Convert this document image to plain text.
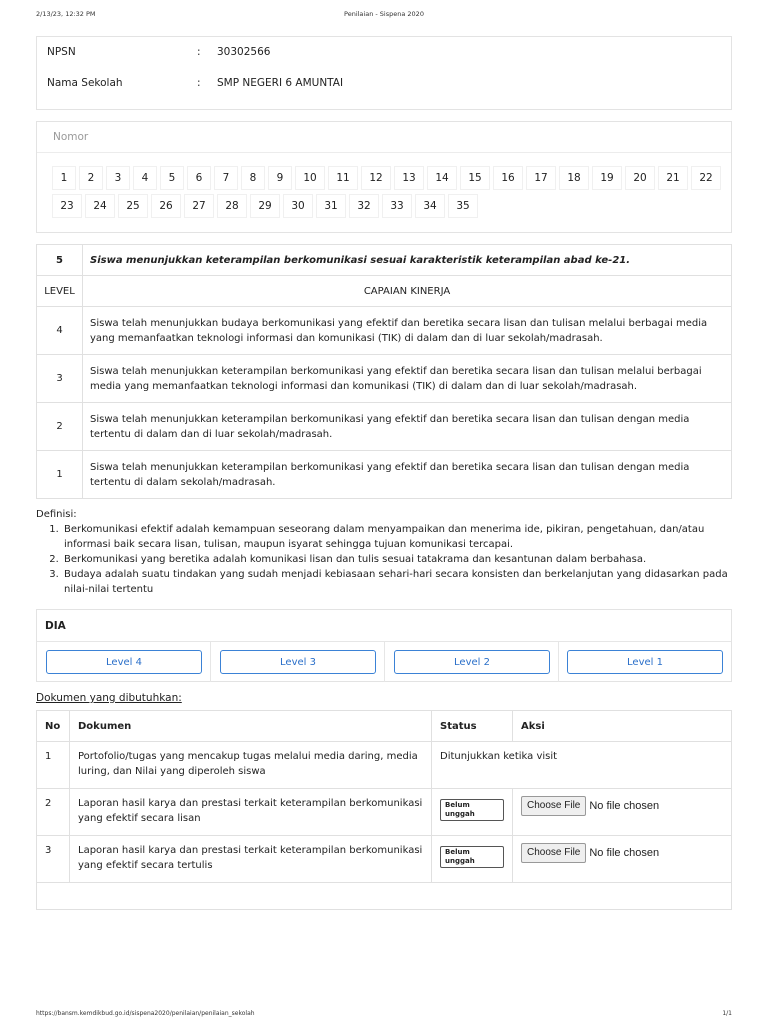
2/13/23, 12:32 PM	Penilaian - Sispena 2020
NPSN	: 30302566
Nama Sekolah	: SMP NEGERI 6 AMUNTAI
Nomor
1	2	3	4	5	6	7	8	9	10	11	12	13	14	15	16	17	18	19	20	21	22
23	24	25	26	27	28	29	30	31	32	33	34	35
5	Siswa menunjukkan keterampilan berkomunikasi sesuai karakteristik keterampilan abad ke-21.
LEVEL	CAPAIAN KINERJA
4	Siswa telah menunjukkan budaya berkomunikasi yang efektif dan beretika secara lisan dan tulisan melalui berbagai media yang memanfaatkan teknologi informasi dan komunikasi (TIK) di dalam dan di luar sekolah/madrasah.
3	Siswa telah menunjukkan keterampilan berkomunikasi yang efektif dan beretika secara lisan dan tulisan melalui berbagai media yang memanfaatkan teknologi informasi dan komunikasi (TIK) di dalam dan di luar sekolah/madrasah.
2	Siswa telah menunjukkan keterampilan berkomunikasi yang efektif dan beretika secara lisan dan tulisan dengan media tertentu di dalam dan di luar sekolah/madrasah.
1	Siswa telah menunjukkan keterampilan berkomunikasi yang efektif dan beretika secara lisan dan tulisan dengan media tertentu di dalam sekolah/madrasah.
Definisi:
1. Berkomunikasi efektif adalah kemampuan seseorang dalam menyampaikan dan menerima ide, pikiran, pengetahuan, dan/atau informasi baik secara lisan, tulisan, maupun isyarat sehingga tujuan komunikasi tercapai.
2. Berkomunikasi yang beretika adalah komunikasi lisan dan tulis sesuai tatakrama dan kesantunan dalam berbahasa.
3. Budaya adalah suatu tindakan yang sudah menjadi kebiasaan sehari-hari secara konsisten dan berkelanjutan yang didasarkan pada nilai-nilai tertentu
DIA
Level 4	Level 3	Level 2	Level 1
Dokumen yang dibutuhkan:
No	Dokumen	Status	Aksi
1	Portofolio/tugas yang mencakup tugas melalui media daring, media luring, dan Nilai yang diperoleh siswa	Ditunjukkan ketika visit	
2	Laporan hasil karya dan prestasi terkait keterampilan berkomunikasi yang efektif secara lisan	Belum unggah	Choose File No file chosen

3	Laporan hasil karya dan prestasi terkait keterampilan berkomunikasi yang efektif secara tertulis	Belum unggah	Choose File No file chosen

https://bansm.kemdikbud.go.id/sispena2020/penilaian/penilaian_sekolah	1/1
